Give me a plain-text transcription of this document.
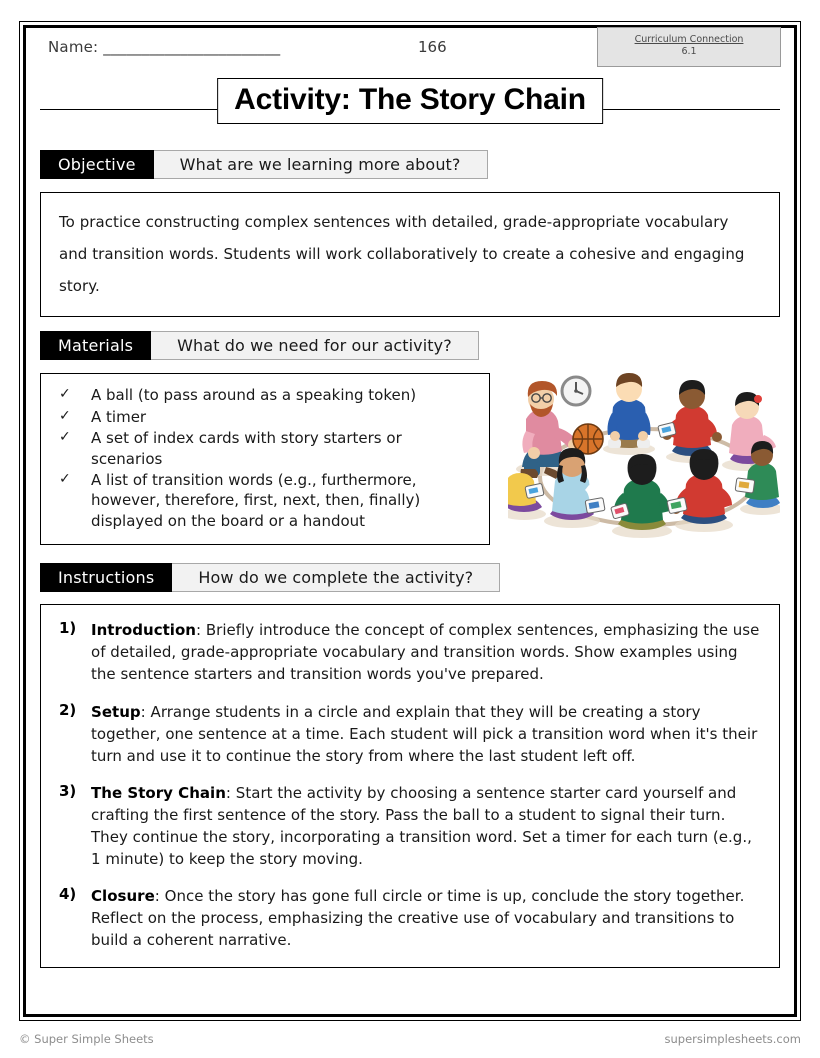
Name: _______________________	166	Curriculum Connection
6.1
Activity: The Story Chain
Objective	What are we learning more about?
To practice constructing complex sentences with detailed, grade-appropriate vocabulary and transition words. Students will work collaboratively to create a cohesive and engaging story.
Materials	What do we need for our activity?
✓	A ball (to pass around as a speaking token)
✓	A timer
✓	A set of index cards with story starters or scenarios
✓	A list of transition words (e.g., furthermore, however, therefore, first, next, then, finally) displayed on the board or a handout
Instructions	How do we complete the activity?
1) Introduction: Briefly introduce the concept of complex sentences, emphasizing the use of detailed, grade-appropriate vocabulary and transition words. Show examples using the sentence starters and transition words you've prepared.
2) Setup: Arrange students in a circle and explain that they will be creating a story together, one sentence at a time. Each student will pick a transition word when it's their turn and use it to continue the story from where the last student left off.
3) The Story Chain: Start the activity by choosing a sentence starter card yourself and crafting the first sentence of the story. Pass the ball to a student to signal their turn. They continue the story, incorporating a transition word. Set a timer for each turn (e.g., 1 minute) to keep the story moving.
4) Closure: Once the story has gone full circle or time is up, conclude the story together. Reflect on the process, emphasizing the creative use of vocabulary and transitions to build a coherent narrative.
© Super Simple Sheets	supersimplesheets.com
